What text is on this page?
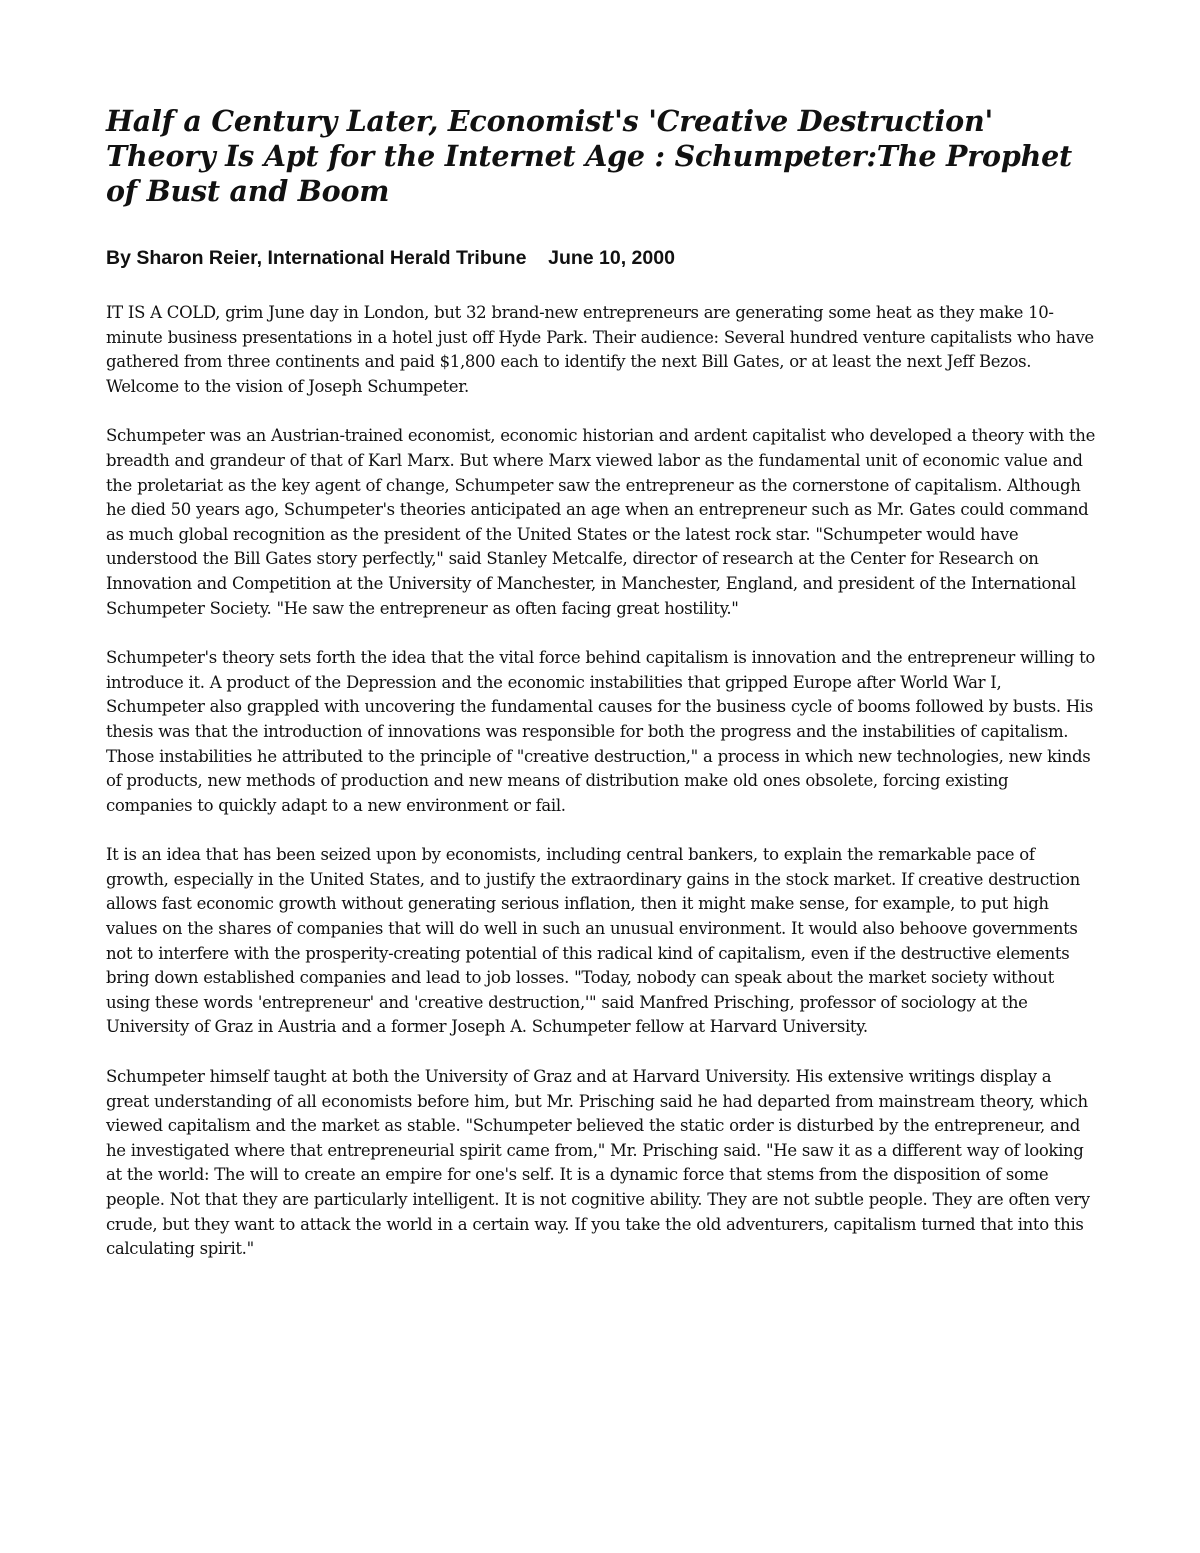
Half a Century Later, Economist's 'Creative Destruction' Theory Is Apt for the Internet Age : Schumpeter:The Prophet of Bust and Boom
By Sharon Reier, International Herald Tribune    June 10, 2000

IT IS A COLD, grim June day in London, but 32 brand-new entrepreneurs are generating some heat as they make 10-minute business presentations in a hotel just off Hyde Park. Their audience: Several hundred venture capitalists who have gathered from three continents and paid $1,800 each to identify the next Bill Gates, or at least the next Jeff Bezos. Welcome to the vision of Joseph Schumpeter.

Schumpeter was an Austrian-trained economist, economic historian and ardent capitalist who developed a theory with the breadth and grandeur of that of Karl Marx. But where Marx viewed labor as the fundamental unit of economic value and the proletariat as the key agent of change, Schumpeter saw the entrepreneur as the cornerstone of capitalism. Although he died 50 years ago, Schumpeter's theories anticipated an age when an entrepreneur such as Mr. Gates could command as much global recognition as the president of the United States or the latest rock star. "Schumpeter would have understood the Bill Gates story perfectly," said Stanley Metcalfe, director of research at the Center for Research on Innovation and Competition at the University of Manchester, in Manchester, England, and president of the International Schumpeter Society. "He saw the entrepreneur as often facing great hostility."

Schumpeter's theory sets forth the idea that the vital force behind capitalism is innovation and the entrepreneur willing to introduce it. A product of the Depression and the economic instabilities that gripped Europe after World War I, Schumpeter also grappled with uncovering the fundamental causes for the business cycle of booms followed by busts. His thesis was that the introduction of innovations was responsible for both the progress and the instabilities of capitalism.

Those instabilities he attributed to the principle of "creative destruction," a process in which new technologies, new kinds of products, new methods of production and new means of distribution make old ones obsolete, forcing existing companies to quickly adapt to a new environment or fail.

It is an idea that has been seized upon by economists, including central bankers, to explain the remarkable pace of growth, especially in the United States, and to justify the extraordinary gains in the stock market. If creative destruction allows fast economic growth without generating serious inflation, then it might make sense, for example, to put high values on the shares of companies that will do well in such an unusual environment. It would also behoove governments not to interfere with the prosperity-creating potential of this radical kind of capitalism, even if the destructive elements bring down established companies and lead to job losses. "Today, nobody can speak about the market society without using these words 'entrepreneur' and 'creative destruction,'" said Manfred Prisching, professor of sociology at the University of Graz in Austria and a former Joseph A. Schumpeter fellow at Harvard University.

Schumpeter himself taught at both the University of Graz and at Harvard University. His extensive writings display a great understanding of all economists before him, but Mr. Prisching said he had departed from mainstream theory, which viewed capitalism and the market as stable. "Schumpeter believed the static order is disturbed by the entrepreneur, and he investigated where that entrepreneurial spirit came from," Mr. Prisching said. "He saw it as a different way of looking at the world: The will to create an empire for one's self. It is a dynamic force that stems from the disposition of some people. Not that they are particularly intelligent. It is not cognitive ability. They are not subtle people. They are often very crude, but they want to attack the world in a certain way. If you take the old adventurers, capitalism turned that into this calculating spirit."
